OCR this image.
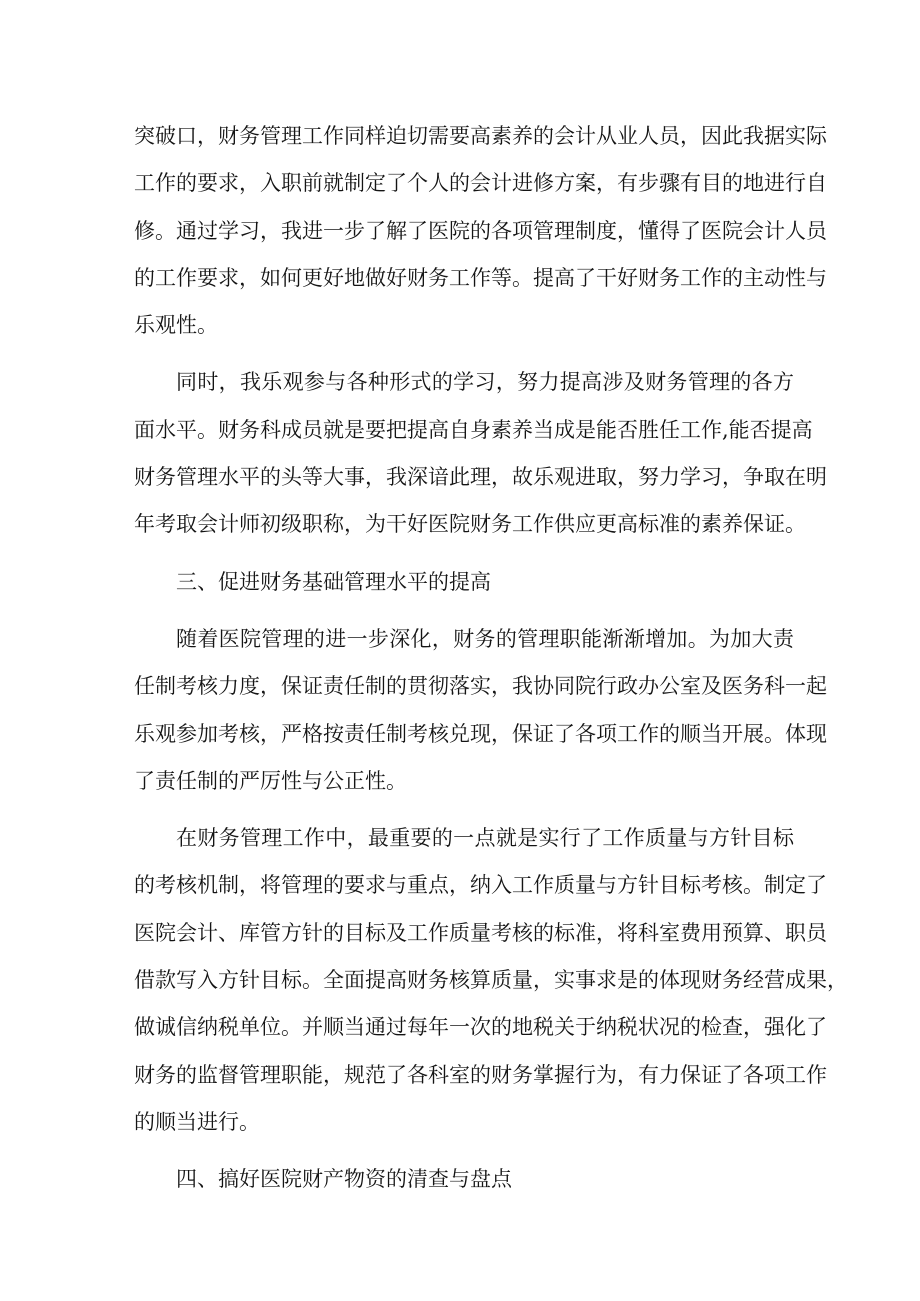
突破口，财务管理工作同样迫切需要高素养的会计从业人员，因此我据实际
工作的要求，入职前就制定了个人的会计进修方案，有步骤有目的地进行自
修。通过学习，我进一步了解了医院的各项管理制度，懂得了医院会计人员
的工作要求，如何更好地做好财务工作等。提高了干好财务工作的主动性与
乐观性。
同时，我乐观参与各种形式的学习，努力提高涉及财务管理的各方
面水平。财务科成员就是要把提高自身素养当成是能否胜任工作,能否提高
财务管理水平的头等大事，我深谙此理，故乐观进取，努力学习，争取在明
年考取会计师初级职称，为干好医院财务工作供应更高标准的素养保证。
三、促进财务基础管理水平的提高
随着医院管理的进一步深化，财务的管理职能渐渐增加。为加大责
任制考核力度，保证责任制的贯彻落实，我协同院行政办公室及医务科一起
乐观参加考核，严格按责任制考核兑现，保证了各项工作的顺当开展。体现
了责任制的严厉性与公正性。
在财务管理工作中，最重要的一点就是实行了工作质量与方针目标
的考核机制，将管理的要求与重点，纳入工作质量与方针目标考核。制定了
医院会计、库管方针的目标及工作质量考核的标准，将科室费用预算、职员
借款写入方针目标。全面提高财务核算质量，实事求是的体现财务经营成果，
做诚信纳税单位。并顺当通过每年一次的地税关于纳税状况的检查，强化了
财务的监督管理职能，规范了各科室的财务掌握行为，有力保证了各项工作
的顺当进行。
四、搞好医院财产物资的清查与盘点
